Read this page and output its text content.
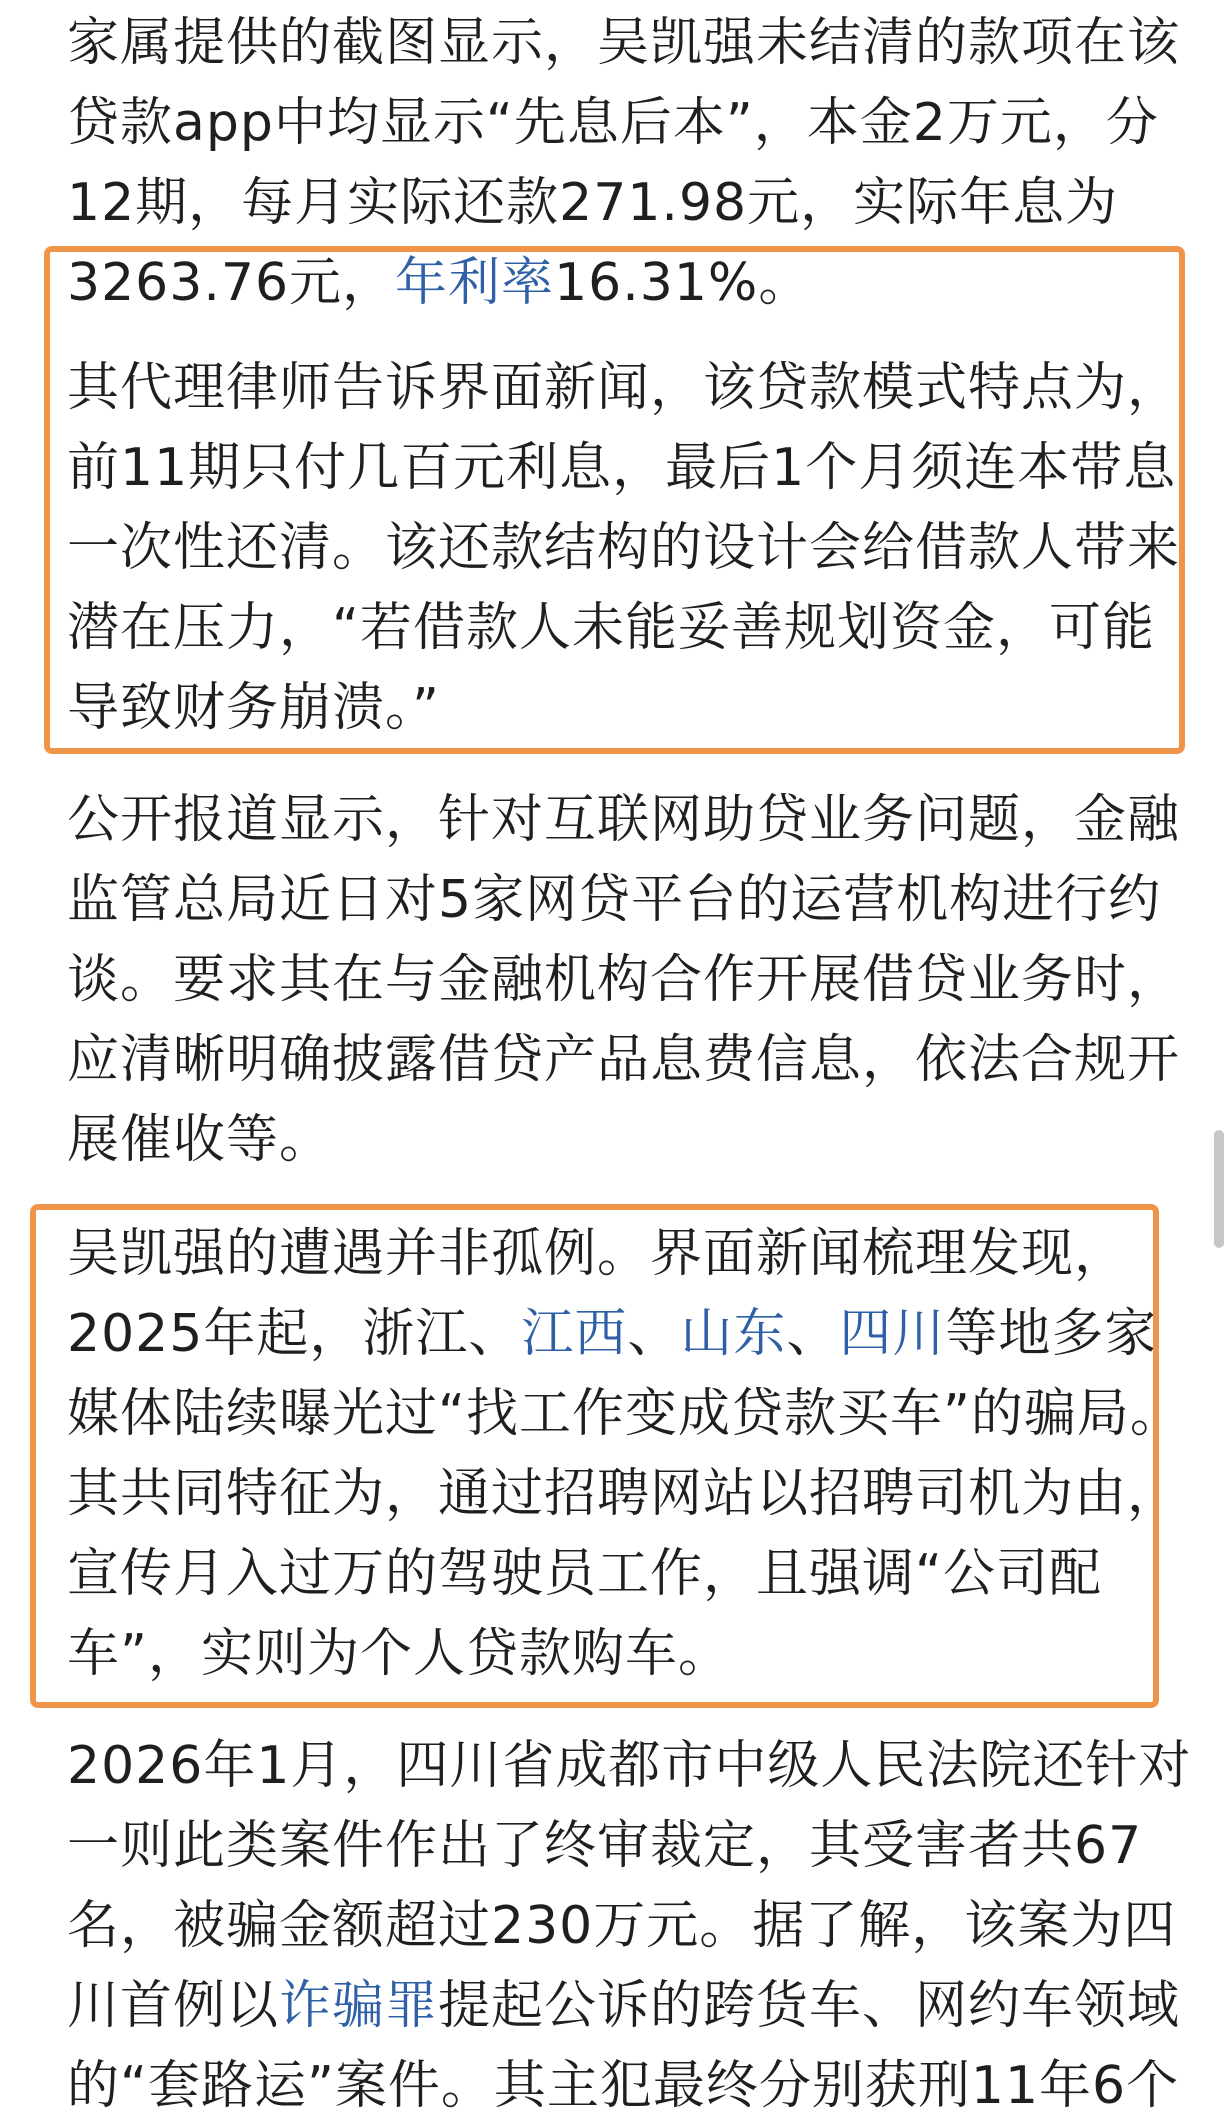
家属提供的截图显示，吴凯强未结清的款项在该

贷款app中均显示“先息后本”，本金2万元，分

12期，每月实际还款271.98元，实际年息为

3263.76元，年利率16.31%。

其代理律师告诉界面新闻，该贷款模式特点为，

前11期只付几百元利息，最后1个月须连本带息

一次性还清。该还款结构的设计会给借款人带来

潜在压力，“若借款人未能妥善规划资金，可能

导致财务崩溃。”

公开报道显示，针对互联网助贷业务问题，金融

监管总局近日对5家网贷平台的运营机构进行约

谈。要求其在与金融机构合作开展借贷业务时，

应清晰明确披露借贷产品息费信息，依法合规开

展催收等。

吴凯强的遭遇并非孤例。界面新闻梳理发现，

2025年起，浙江、江西、山东、四川等地多家

媒体陆续曝光过“找工作变成贷款买车”的骗局。

其共同特征为，通过招聘网站以招聘司机为由，

宣传月入过万的驾驶员工作，且强调“公司配

车”，实则为个人贷款购车。

2026年1月，四川省成都市中级人民法院还针对

一则此类案件作出了终审裁定，其受害者共67

名，被骗金额超过230万元。据了解，该案为四

川首例以诈骗罪提起公诉的跨货车、网约车领域

的“套路运”案件。其主犯最终分别获刑11年6个
